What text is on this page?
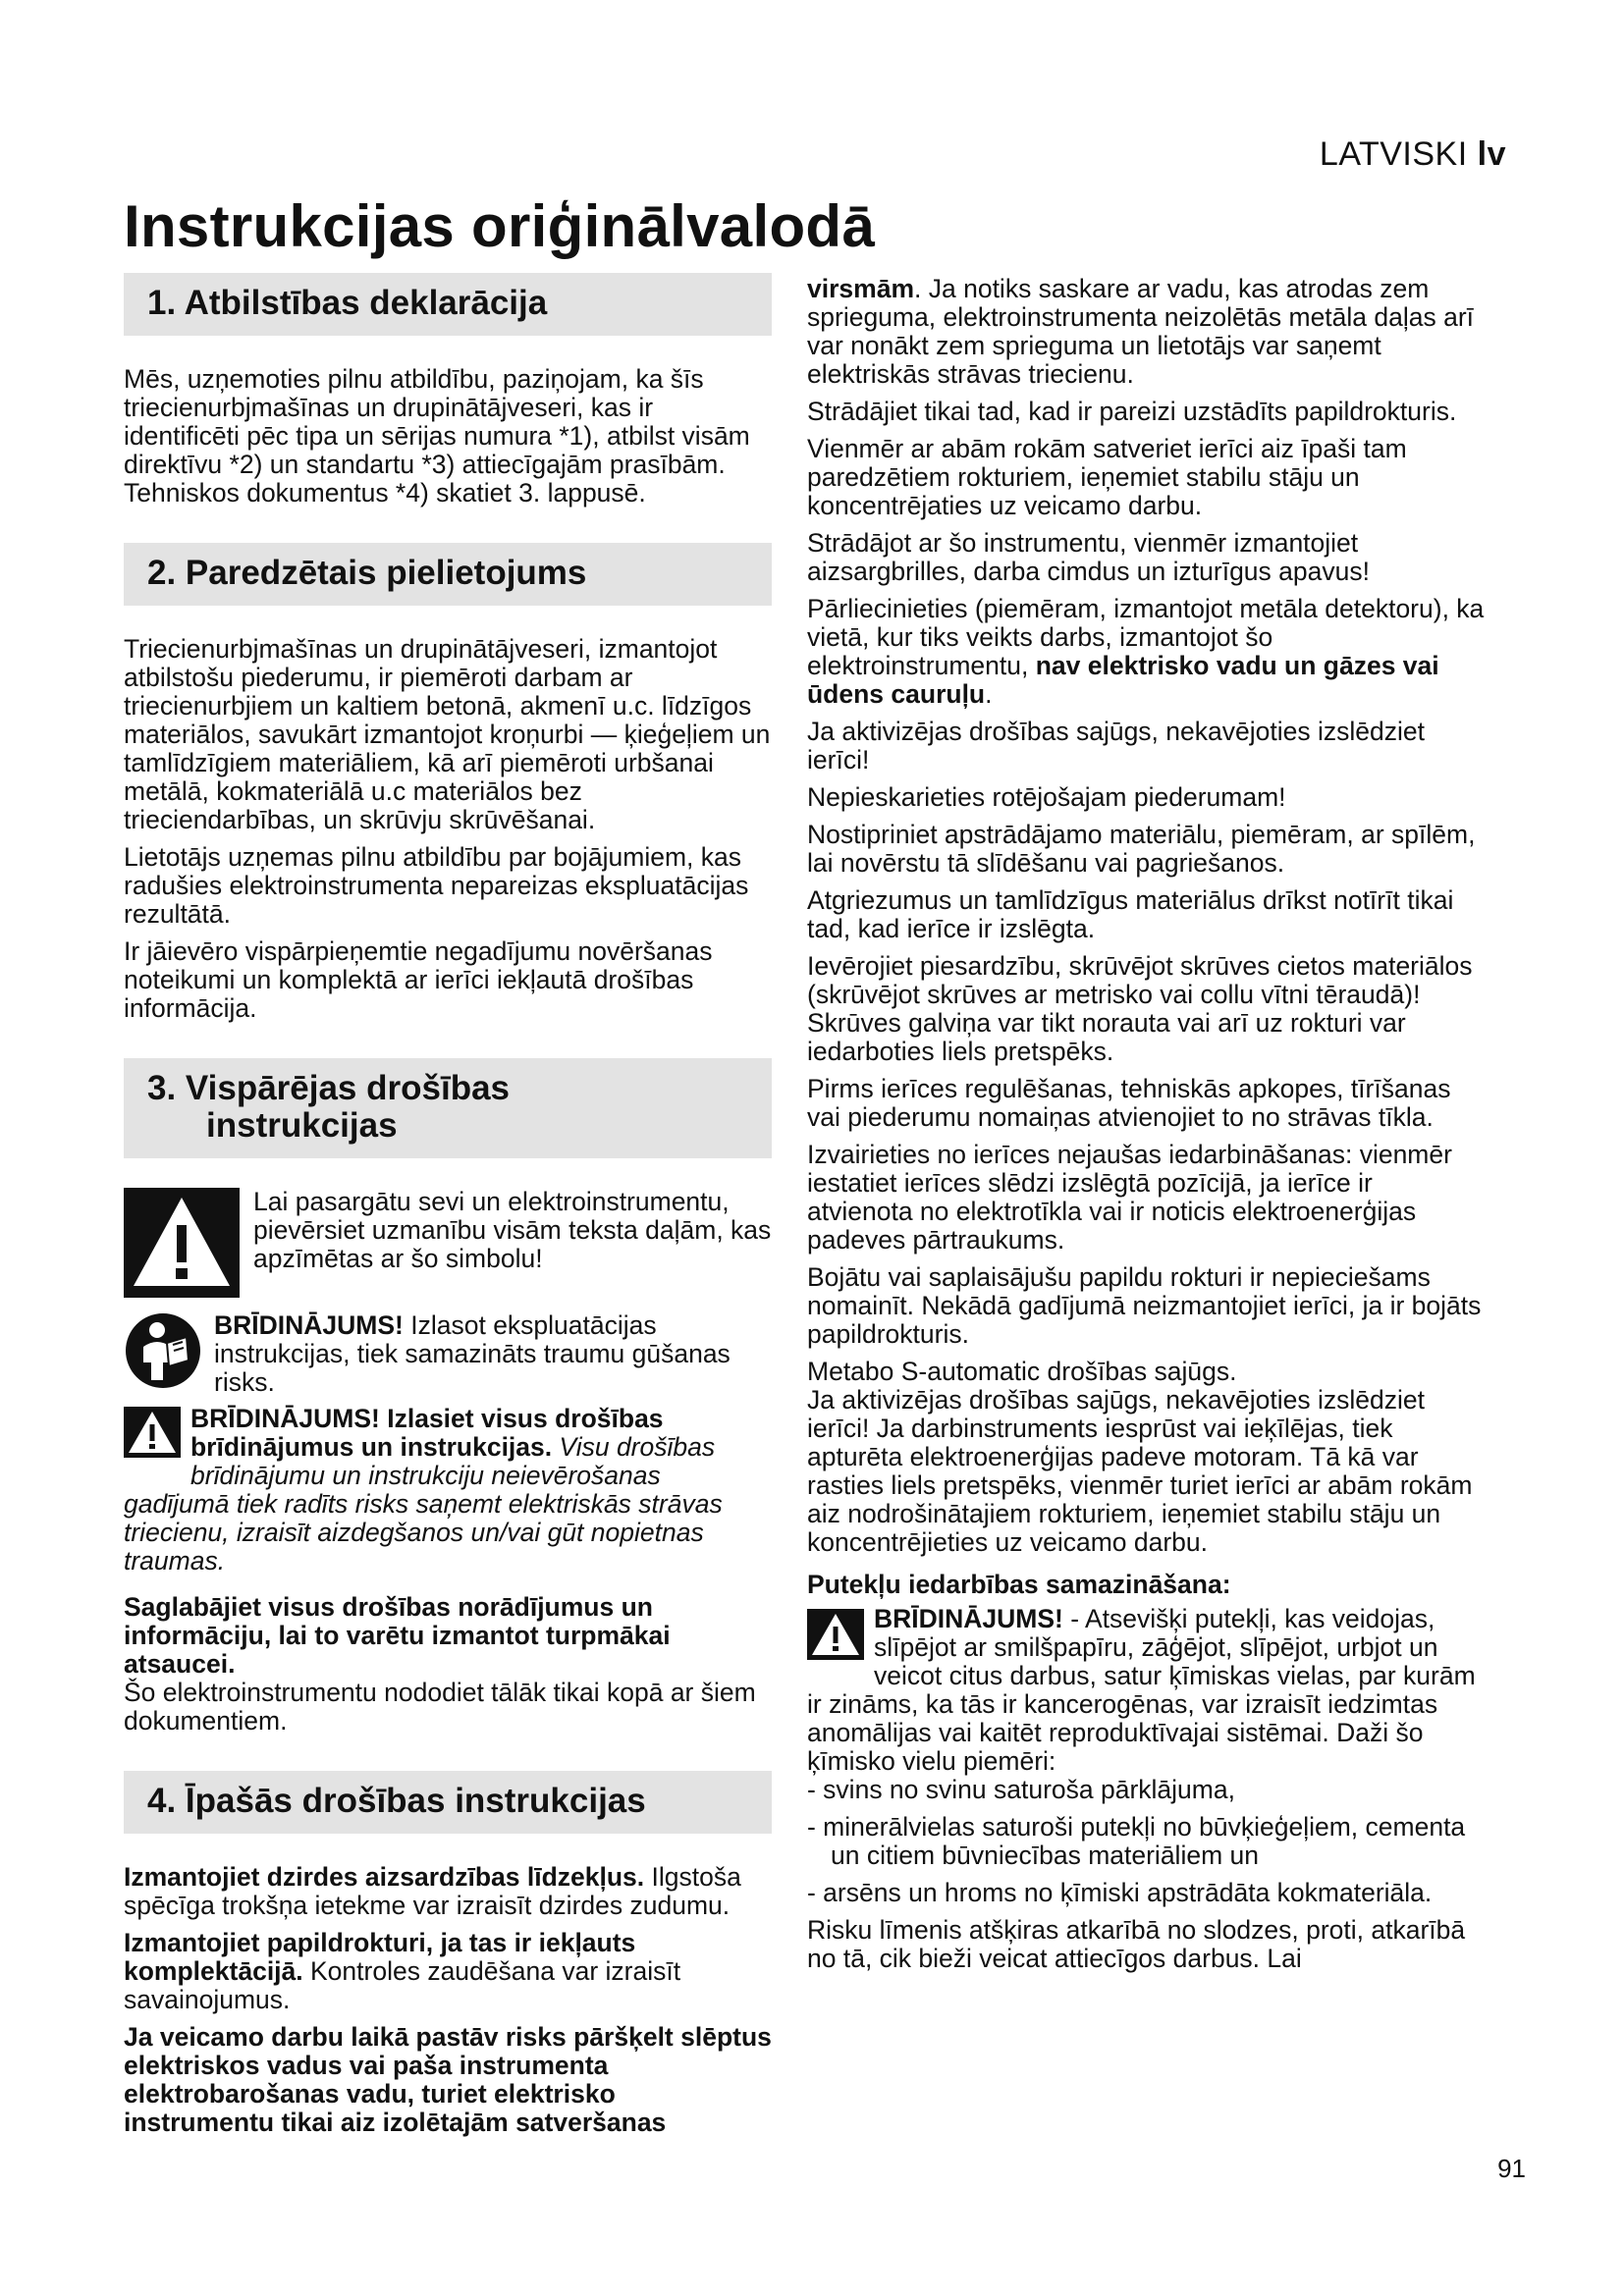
LATVISKI lv
Instrukcijas oriģinālvalodā
1. Atbilstības deklarācija

Mēs, uzņemoties pilnu atbildību, paziņojam, ka šīs triecienurbjmašīnas un drupinātājveseri, kas ir identificēti pēc tipa un sērijas numura *1), atbilst visām direktīvu *2) un standartu *3) attiecīgajām prasībām. Tehniskos dokumentus *4) skatiet 3. lappusē.

2. Paredzētais pielietojums

Triecienurbjmašīnas un drupinātājveseri, izmantojot atbilstošu piederumu, ir piemēroti darbam ar triecienurbjiem un kaltiem betonā, akmenī u.c. līdzīgos materiālos, savukārt izmantojot kroņurbi — ķieģeļiem un tamlīdzīgiem materiāliem, kā arī piemēroti urbšanai metālā, kokmateriālā u.c materiālos bez trieciendarbības, un skrūvju skrūvēšanai.

Lietotājs uzņemas pilnu atbildību par bojājumiem, kas radušies elektroinstrumenta nepareizas ekspluatācijas rezultātā.

Ir jāievēro vispārpieņemtie negadījumu novēršanas noteikumi un komplektā ar ierīci iekļautā drošības informācija.

3. Vispārējas drošības
instrukcijas

Lai pasargātu sevi un elektroinstrumentu, pievērsiet uzmanību visām teksta daļām, kas apzīmētas ar šo simbolu!

BRĪDINĀJUMS! Izlasot ekspluatācijas instrukcijas, tiek samazināts traumu gūšanas risks.

BRĪDINĀJUMS! Izlasiet visus drošības brīdinājumus un instrukcijas. Visu drošības brīdinājumu un instrukciju neievērošanas gadījumā tiek radīts risks saņemt elektriskās strāvas triecienu, izraisīt aizdegšanos un/vai gūt nopietnas traumas.

Saglabājiet visus drošības norādījumus un informāciju, lai to varētu izmantot turpmākai atsaucei.

Šo elektroinstrumentu nododiet tālāk tikai kopā ar šiem dokumentiem.

4. Īpašās drošības instrukcijas

Izmantojiet dzirdes aizsardzības līdzekļus. Ilgstoša spēcīga trokšņa ietekme var izraisīt dzirdes zudumu.

Izmantojiet papildrokturi, ja tas ir iekļauts komplektācijā. Kontroles zaudēšana var izraisīt savainojumus.

Ja veicamo darbu laikā pastāv risks pāršķelt slēptus elektriskos vadus vai paša instrumenta elektrobarošanas vadu, turiet elektrisko instrumentu tikai aiz izolētajām satveršanas

virsmām. Ja notiks saskare ar vadu, kas atrodas zem sprieguma, elektroinstrumenta neizolētās metāla daļas arī var nonākt zem sprieguma un lietotājs var saņemt elektriskās strāvas triecienu.

Strādājiet tikai tad, kad ir pareizi uzstādīts papildrokturis.

Vienmēr ar abām rokām satveriet ierīci aiz īpaši tam paredzētiem rokturiem, ieņemiet stabilu stāju un koncentrējaties uz veicamo darbu.

Strādājot ar šo instrumentu, vienmēr izmantojiet aizsargbrilles, darba cimdus un izturīgus apavus!

Pārliecinieties (piemēram, izmantojot metāla detektoru), ka vietā, kur tiks veikts darbs, izmantojot šo elektroinstrumentu, nav elektrisko vadu un gāzes vai ūdens cauruļu.

Ja aktivizējas drošības sajūgs, nekavējoties izslēdziet ierīci!

Nepieskarieties rotējošajam piederumam!

Nostipriniet apstrādājamo materiālu, piemēram, ar spīlēm, lai novērstu tā slīdēšanu vai pagriešanos.

Atgriezumus un tamlīdzīgus materiālus drīkst notīrīt tikai tad, kad ierīce ir izslēgta.

Ievērojiet piesardzību, skrūvējot skrūves cietos materiālos (skrūvējot skrūves ar metrisko vai collu vītni tēraudā)! Skrūves galviņa var tikt norauta vai arī uz rokturi var iedarboties liels pretspēks.

Pirms ierīces regulēšanas, tehniskās apkopes, tīrīšanas vai piederumu nomaiņas atvienojiet to no strāvas tīkla.

Izvairieties no ierīces nejaušas iedarbināšanas: vienmēr iestatiet ierīces slēdzi izslēgtā pozīcijā, ja ierīce ir atvienota no elektrotīkla vai ir noticis elektroenerģijas padeves pārtraukums.

Bojātu vai saplaisājušu papildu rokturi ir nepieciešams nomainīt. Nekādā gadījumā neizmantojiet ierīci, ja ir bojāts papildrokturis.

Metabo S-automatic drošības sajūgs.

Ja aktivizējas drošības sajūgs, nekavējoties izslēdziet ierīci! Ja darbinstruments iesprūst vai ieķīlējas, tiek apturēta elektroenerģijas padeve motoram. Tā kā var rasties liels pretspēks, vienmēr turiet ierīci ar abām rokām aiz nodrošinātajiem rokturiem, ieņemiet stabilu stāju un koncentrējieties uz veicamo darbu.

Putekļu iedarbības samazināšana:

BRĪDINĀJUMS! - Atsevišķi putekļi, kas veidojas, slīpējot ar smilšpapīru, zāģējot, slīpējot, urbjot un veicot citus darbus, satur ķīmiskas vielas, par kurām ir zināms, ka tās ir kancerogēnas, var izraisīt iedzimtas anomālijas vai kaitēt reproduktīvajai sistēmai. Daži šo ķīmisko vielu piemēri:

- svins no svinu saturoša pārklājuma,

- minerālvielas saturoši putekļi no būvķieģeļiem, cementa un citiem būvniecības materiāliem un

- arsēns un hroms no ķīmiski apstrādāta kokmateriāla.

Risku līmenis atšķiras atkarībā no slodzes, proti, atkarībā no tā, cik bieži veicat attiecīgos darbus. Lai

91
